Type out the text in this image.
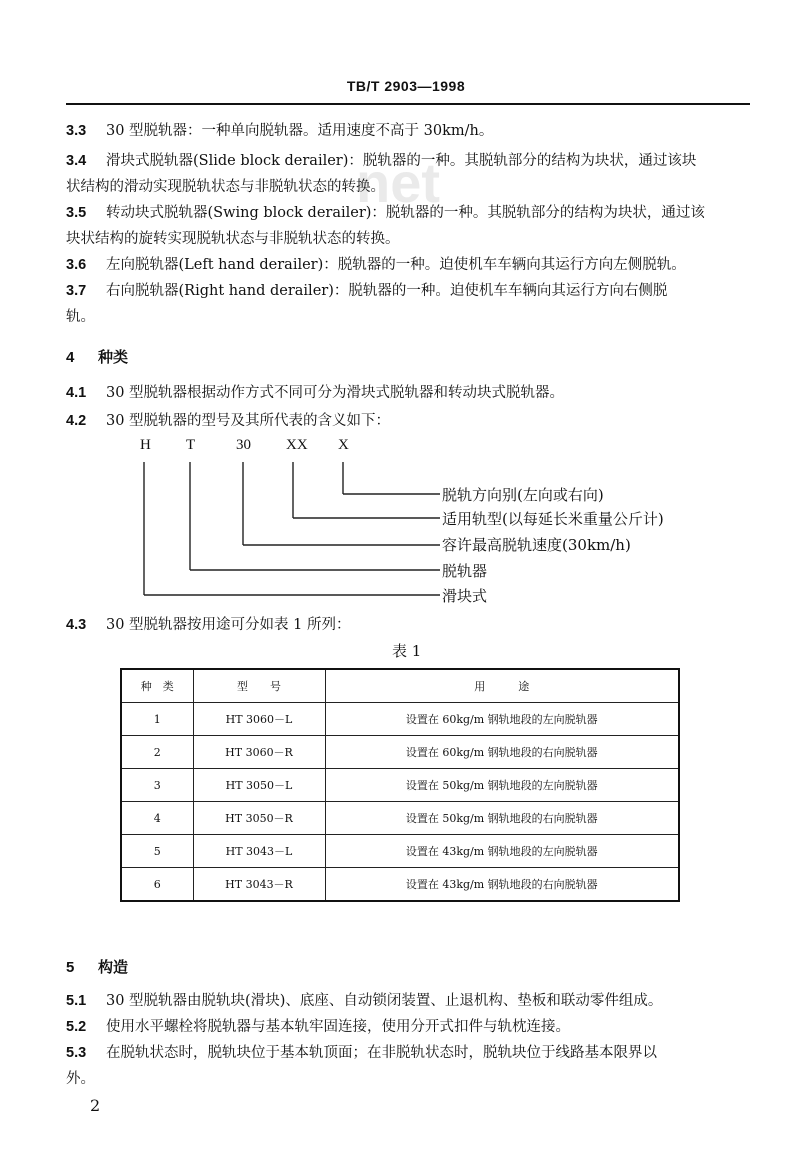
TB/T 2903—1998
net
3.3 30 型脱轨器：一种单向脱轨器。适用速度不高于 30km/h。
3.4 滑块式脱轨器(Slide block derailer)：脱轨器的一种。其脱轨部分的结构为块状，通过该块
状结构的滑动实现脱轨状态与非脱轨状态的转换。
3.5 转动块式脱轨器(Swing block derailer)：脱轨器的一种。其脱轨部分的结构为块状，通过该
块状结构的旋转实现脱轨状态与非脱轨状态的转换。
3.6 左向脱轨器(Left hand derailer)：脱轨器的一种。迫使机车车辆向其运行方向左侧脱轨。
3.7 右向脱轨器(Right hand derailer)：脱轨器的一种。迫使机车车辆向其运行方向右侧脱
轨。
4 种类
4.1 30 型脱轨器根据动作方式不同可分为滑块式脱轨器和转动块式脱轨器。
4.2 30 型脱轨器的型号及其所代表的含义如下：
H T	30 XX X
脱轨方向别(左向或右向)
适用轨型(以每延长米重量公斤计)
容许最高脱轨速度(30km/h)
脱轨器
滑块式
4.3 30 型脱轨器按用途可分如表 1 所列：
表 1
种　类	型　　号	用　　　途
1	HT 3060－L	设置在 60kg/m 钢轨地段的左向脱轨器
2	HT 3060－R	设置在 60kg/m 钢轨地段的右向脱轨器
3	HT 3050－L	设置在 50kg/m 钢轨地段的左向脱轨器
4	HT 3050－R	设置在 50kg/m 钢轨地段的右向脱轨器
5	HT 3043－L	设置在 43kg/m 钢轨地段的左向脱轨器
6	HT 3043－R	设置在 43kg/m 钢轨地段的右向脱轨器
5 构造
5.1 30 型脱轨器由脱轨块(滑块)、底座、自动锁闭装置、止退机构、垫板和联动零件组成。
5.2 使用水平螺栓将脱轨器与基本轨牢固连接，使用分开式扣件与轨枕连接。
5.3 在脱轨状态时，脱轨块位于基本轨顶面；在非脱轨状态时，脱轨块位于线路基本限界以
外。
2
